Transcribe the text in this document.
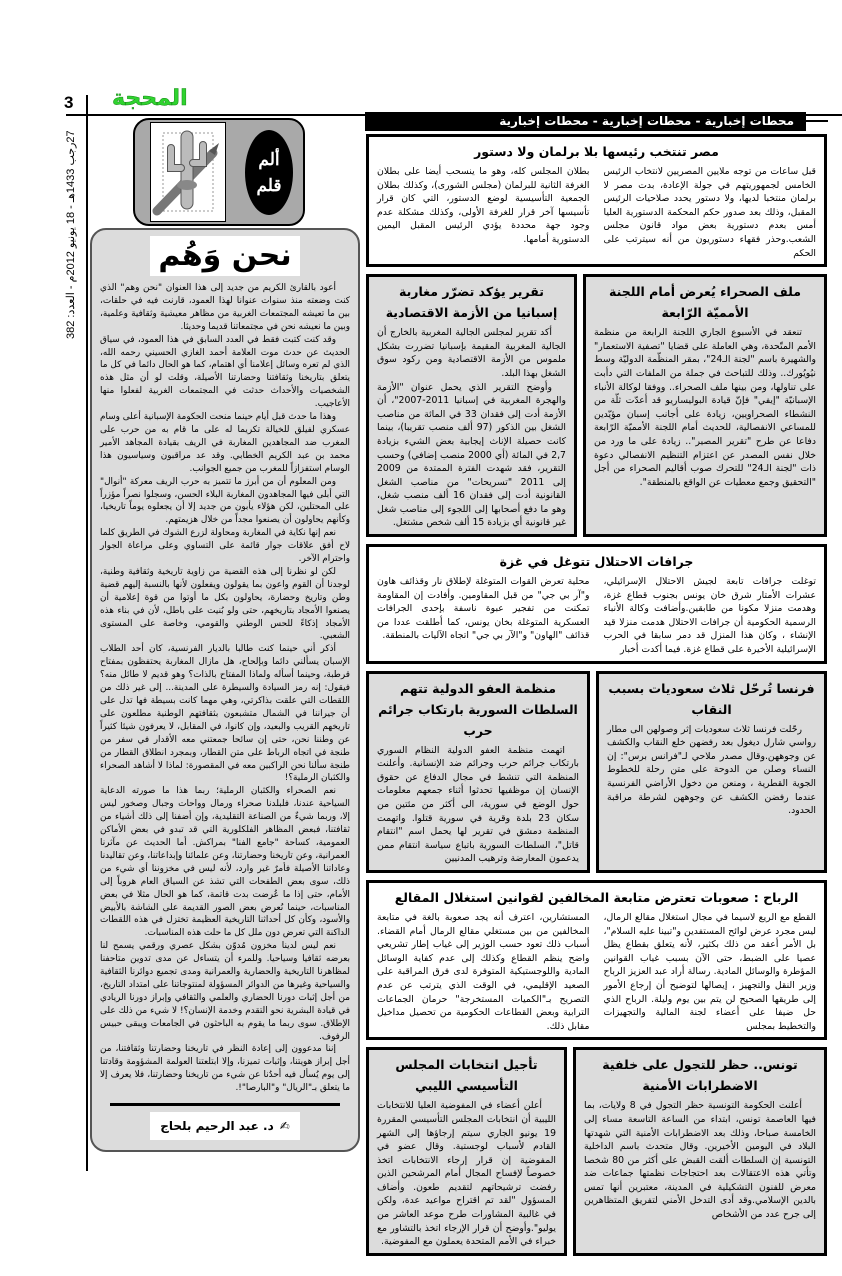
3 المحجة
27رجب 1433هـ - 18 يونيو 2012م - العدد: 382
محطات إخبارية - محطات إخبارية - محطات إخبارية
ألم
قلم
نحن وَهُم

أعود بالقارئ الكريم من جديد إلى هذا العنوان "نحن وهم" الذي كنت وضعته منذ سنوات عنوانا لهذا العمود، قارنت فيه في حلقات، بين ما تعيشه المجتمعات الغربية من مظاهر معيشية وثقافية وعلمية، وبين ما نعيشه نحن في مجتمعاتنا قديما وحديثا.

وقد كنت كتبت فقط في العدد السابق في هذا العمود، في سياق الحديث عن حدث موت العلامة أحمد الغازي الحسيني رحمه الله، الذي لم تعره وسائل إعلامنا أي اهتمام، كما هو الحال دائما في كل ما يتعلق بتاريخنا وثقافتنا وحضارتنا الأصيلة، وقلت لو أن مثل هذه الشخصيات والأحداث حدثت في المجتمعات الغربية لفعلوا منها الأعاجيب.

وهذا ما حدث قبل أيام حينما منحت الحكومة الإسبانية أعلى وسام عسكري لفيلق للخيالة تكريما له على ما قام به من حرب على المغرب ضد المجاهدين المغاربة في الريف بقيادة المجاهد الأمير محمد بن عبد الكريم الخطابي. وقد عد مراقبون وسياسيون هذا الوسام استفزازاً للمغرب من جميع الجوانب.

ومن المعلوم أن من أبرز ما تتميز به حرب الريف معركة "أنوال" التي أبلى فيها المجاهدون المغاربة البلاء الحسن، وسجلوا نصراً مؤزراً على المحتلين، لكن هؤلاء يأبون من جديد إلا أن يجعلوه يوماً تاريخيا، وكأنهم يحاولون أن يصنعوا مجداً من خلال هزيمتهم.

نعم إنها نكاية في المغاربة ومحاولة لزرع الشوك في الطريق كلما لاح أفق علاقات جوار قائمة على التساوي وعلى مراعاة الجوار واحترام الآخر.

لكن لو نظرنا إلى هذه القضية من زاوية تاريخية وثقافية وطنية، لوجدنا أن القوم واعون بما يقولون ويفعلون لأنها بالنسبة إليهم قضية وطن وتاريخ وحضارة، يحاولون بكل ما أوتوا من قوة إعلامية أن يصنعوا الأمجاد بتاريخهم، حتى ولو بُنيت على باطل، لأن في بناء هذه الأمجاد إذكاءً للحس الوطني والقومي، وخاصة على المستوى الشعبي.

أذكر أني حينما كنت طالبا بالديار الفرنسية، كان أحد الطلاب الإسبان يسألني دائما وبإلحاح، هل مازال المغاربة يحتفظون بمفتاح قرطبة، وحينما أسأله ولماذا المفتاح بالذات؟ وهو قديم لا طائل منه؟ فيقول: إنه رمز السيادة والسيطرة على المدينة... إلى غير ذلك من اللقطات التي علقت بذاكرتي، وهي مهما كانت بسيطة فها تدل على أن جيراننا في الشمال متشبعون بثقافتهم الوطنية مطلعون على تاريخهم القريب والبعيد، وإن كانوا، في المقابل، لا يعرفون شيئا كثيراً عن وطننا نحن، حتى إن سائحا جمعتني معه الأقدار في سفر من طنجة في اتجاه الرباط على متن القطار، وبمجرد انطلاق القطار من طنجة سألنا نحن الراكبين معه في المقصورة: لماذا لا أشاهد الصحراء والكثبان الرملية؟!

نعم الصحراء والكثبان الرملية؛ ربما هذا ما صورته الدعاية السياحية عندنا، فلبلدنا صحراء ورمال وواحات وجبال وصخور ليس إلا، وربما شيءٌ من الصناعة التقليدية، وإن أضفنا إلى ذلك أشياء من ثقافتنا، فبعض المظاهر الفلكلورية التي قد تبدو في بعض الأماكن العمومية، كساحة "جامع الفنا" بمراكش. أما الحديث عن مآثرنا العمرانية، وعن تاريخنا وحضارتنا، وعن علمائنا وإبداعاتنا، وعن تقاليدنا وعاداتنا الأصيلة فأمرٌ غير وارد، لأنه ليس في مخزوننا أي شيء من ذلك، سوى بعض الطفحات التي تشذ عن السياق العام هروباً إلى الأمام، حتى إذا ما عُرضت بدت قاتمة، كما هو الحال مثلا في بعض المناسبات، حينما نُعرض بعض الصور القديمة على الشاشة بالأبيض والأسود، وكأن كل أحداثنا التاريخية العظيمة تختزل في هذه اللقطات الداكنة التي تعرض دون ملل كل ما حلت هذه المناسبات.

نعم ليس لدينا مخزون مُدوّن بشكل عصري ورقمي يسمح لنا بعرضه ثقافيا وسياحيا. وللمرء أن يتساءل عن مدى تدوين متاحفنا لمظاهرنا التاريخية والحضارية والعمرانية ومدى تجميع دوائرنا الثقافية والسياحية وغيرها من الدوائر المسؤولة لمنتوجاتنا على امتداد التاريخ، من أجل إثبات دورنا الحضاري والعلمي والثقافي وإبراز دورنا الريادي في قيادة البشرية نحو التقدم وخدمة الإنسان؟! لا شيء من ذلك على الإطلاق. سوى ربما ما يقوم به الباحثون في الجامعات ويبقى حبيس الرفوف.

إننا مدعوون إلى إعادة النظر في تاريخنا وحضارتنا وثقافتنا، من أجل إبراز هويتنا، وإثبات تميزنا، وإلا ابتلعتنا العولمة المشؤومة وقادتنا إلى يوم يُسأل فيه أحدُنا عن شيء من تاريخنا وحضارتنا، فلا يعرف إلا ما يتعلق بـ"الريال" و"البارصا"!.

✍
د. عبد الرحيم بلحاج
مصر تنتخب رئيسها بلا برلمان ولا دستور
قبل ساعات من توجه ملايين المصريين لانتخاب الرئيس الخامس لجمهوريتهم في جولة الإعادة، بدت مصر لا برلمان منتخبا لديها، ولا دستور يحدد صلاحيات الرئيس المقبل، وذلك بعد صدور حكم المحكمة الدستورية العليا أمس بعدم دستورية بعض مواد قانون مجلس الشعب.وحذر فقهاء دستوريون من أنه سيترتب على الحكم
بطلان المجلس كله، وهو ما ينسحب أيضا على بطلان الغرفة الثانية للبرلمان (مجلس الشورى)، وكذلك بطلان الجمعية التأسيسية لوضع الدستور، التي كان قرار تأسيسها آخر قرار للغرفة الأولى، وكذلك مشكلة عدم وجود جهة محددة يؤدي الرئيس المقبل اليمين الدستورية أمامها.
ملف الصحراء يُعرض أمام اللجنة الأمميّة الرّابعة

تنعقد في الأسبوع الجاري اللجنة الرابعة من منظمة الأمم المتّحدة، وهي العاملة على قضايا "تصفية الاستعمار" والشهيرة باسم "لجنة الـ24"، بمقر المنظّمة الدوليّة وسط نيُويُورك.. وذلك للتباحث في جملة من الملفات التي دأبت على تناولها، ومن بينها ملف الصحراء.. ووفقا لوكالة الأنباء الإسبانيّة "إيفي" فإنّ قيادة البوليساريو قد أعدّت ثلّة من النشطاء الصحراويين، زيادة على أجانب إسبان مؤيّدين للمساعي الانفصالية، للحديث أمام اللجنة الأمميّة الرّابعة دفاعا عن طرح "تقرير المصير".. زيادة على ما ورد من خلال نفس المصدر عن اعتزام التنظيم الانفصالي دعوة ذات "لجنة الـ24" للتحرك صوب أقاليم الصحراء من أجل "التحقيق وجمع معطيات عن الواقع بالمنطقة".

تقرير يؤكد تضرّر مغاربة إسبانيا من الأزمة الاقتصادية

أكد تقرير لمجلس الجالية المغربية بالخارج أن الجالية المغربية المقيمة بإسبانيا تضررت بشكل ملموس من الأزمة الاقتصادية ومن ركود سوق الشغل بهذا البلد.

وأوضح التقرير الذي يحمل عنوان "الأزمة والهجرة المغربية في إسبانيا 2011-2007"، أن الأزمة أدت إلى فقدان 33 في المائة من مناصب الشغل بين الذكور (97 ألف منصب تقريبا)، بينما كانت حصيلة الإناث إيجابية بعض الشيء بزيادة 2,7 في المائة (أي 2000 منصب إضافي) وحسب التقرير، فقد شهدت الفترة الممتدة من 2009 إلى 2011 "تسريحات" من مناصب الشغل القانونية أدت إلى فقدان 16 ألف منصب شغل، وهو ما دفع أصحابها إلى اللجوء إلى مناصب شغل غير قانونية أي بزيادة 15 ألف شخص مشتغل.

جرافات الاحتلال تتوغل في غزة
توغلت جرافات تابعة لجيش الاحتلال الإسرائيلي، عشرات الأمتار شرق خان يونس بجنوب قطاع غزة، وهدمت منزلا مكونا من طابقين.وأضافت وكالة الأنباء الرسمية الحكومية أن جرافات الاحتلال هدمت منزلا قيد الإنشاء ، وكان هذا المنزل قد دمر سابقا في الحرب الإسرائيلية الأخيرة على قطاع غزة. فيما أكدت أخبار
محلية تعرض القوات المتوغلة لإطلاق نار وقذائف هاون و"آر بي جي" من قبل المقاومين. وأفادت إن المقاومة تمكنت من تفجير عبوة ناسفة بإحدى الجرافات العسكرية المتوغلة بخان يونس، كما أطلقت عددا من قذائف "الهاون" و"الآر بي جي" اتجاه الآليات بالمنطقة.
فرنسا تُرحّل ثلاث سعوديات بسبب النقاب

رحّلت فرنسا ثلاث سعوديات إثر وصولهن الى مطار رواسي شارل ديغول بعد رفضهن خلع النقاب والكشف عن وجوههن.وقال مصدر ملاحي لـ"فرانس برس": إن النساء وصلن من الدوحة على متن رحلة للخطوط الجوية القطرية ، ومنعن من دخول الأراضي الفرنسية عندما رفضن الكشف عن وجوههن لشرطة مراقبة الحدود.

منظمة العفو الدولية تتهم السلطات السورية بارتكاب جرائم حرب

اتهمت منظمة العفو الدولية النظام السوري بارتكاب جرائم حرب وجرائم ضد الإنسانية. وأعلنت المنظمة التي تنشط في مجال الدفاع عن حقوق الإنسان إن موظفيها تحدثوا أثناء جمعهم معلومات حول الوضع في سورية، الى أكثر من مئتين من سكان 23 بلدة وقرية في سورية قتلوا. واتهمت المنظمة دمشق في تقرير لها يحمل اسم "انتقام قاتل"، السلطات السورية باتباع سياسة انتقام ممن يدعمون المعارضة وترهيب المدنيين

الرباح : صعوبات تعترض متابعة المخالفين لقوانين استغلال المقالع
القطع مع الريع لاسيما في مجال استغلال مقالع الرمال، ليس مجرد عرض لوائح المستفدين و"تبينا عليه السلام"، بل الأمر أعقد من ذلك بكثير، لأنه يتعلق بقطاع يظل عصيا على الضبط، حتى الآن بسبب غياب القوانين المؤطرة والوسائل المادية. رسالة أراد عبد العزيز الرباح وزير النقل والتجهيز ، إيصالها لتوضيح أن إرجاع الأمور إلى طريقها الصحيح لن يتم بين يوم وليلة. الرباح الذي حل ضيفا على أعضاء لجنة المالية والتجهيزات والتخطيط بمجلس
المستشارين، اعترف أنه يجد صعوبة بالغة في متابعة المخالفين من بين مستغلي مقالع الرمال أمام القضاء. أسباب ذلك تعود حسب الوزير إلى غياب إطار تشريعي واضح ينظم القطاع وكذلك إلى عدم كفاية الوسائل المادية واللوجستيكية المتوفرة لدى فرق المراقبة على الصعيد الإقليمي، في الوقت الذي يترتب عن عدم التصريح بـ"الكميات المستخرجة" حرمان الجماعات الترابية وبعض القطاعات الحكومية من تحصيل مداخيل مقابل ذلك.
تونس.. حظر للتجول على خلفية الاضطرابات الأمنية

أعلنت الحكومة التونسية حظر التجول في 8 ولايات، بما فيها العاصمة تونس، ابتداء من الساعة التاسعة مساء إلى الخامسة صباحا، وذلك بعد الاضطرابات الأمنية التي شهدتها البلاد في اليومين الأخيرين. وقال متحدث باسم الداخلية التونسية إن السلطات ألقت القبض على أكثر من 80 شخصا وتأتي هذه الاعتقالات بعد احتجاجات نظمتها جماعات ضد معرض للفنون التشكيلية في المدينة، معتبرين أنها تمس بالدين الإسلامي.وقد أدى التدخل الأمني لتفريق المتظاهرين إلى جرح عدد من الأشخاص

تأجيل انتخابات المجلس التأسيسي الليبي

أعلن أعضاء في المفوضية العليا للانتخابات الليبية أن انتخابات المجلس التأسيسي المقررة 19 يونيو الجاري سيتم إرجاؤها إلى الشهر القادم لأسباب لوجستية. وقال عضو في المفوضية إن قرار إرجاء الانتخابات اتخذ خصوصاً لإفساح المجال أمام المرشحين الذين رفضت ترشيحاتهم لتقديم طعون. وأضاف المسؤول "لقد تم اقتراح مواعيد عدة، ولكن في غالبية المشاورات طرح موعد العاشر من يوليو".وأوضح أن قرار الإرجاء اتخذ بالتشاور مع خبراء في الأمم المتحدة يعملون مع المفوضية.
